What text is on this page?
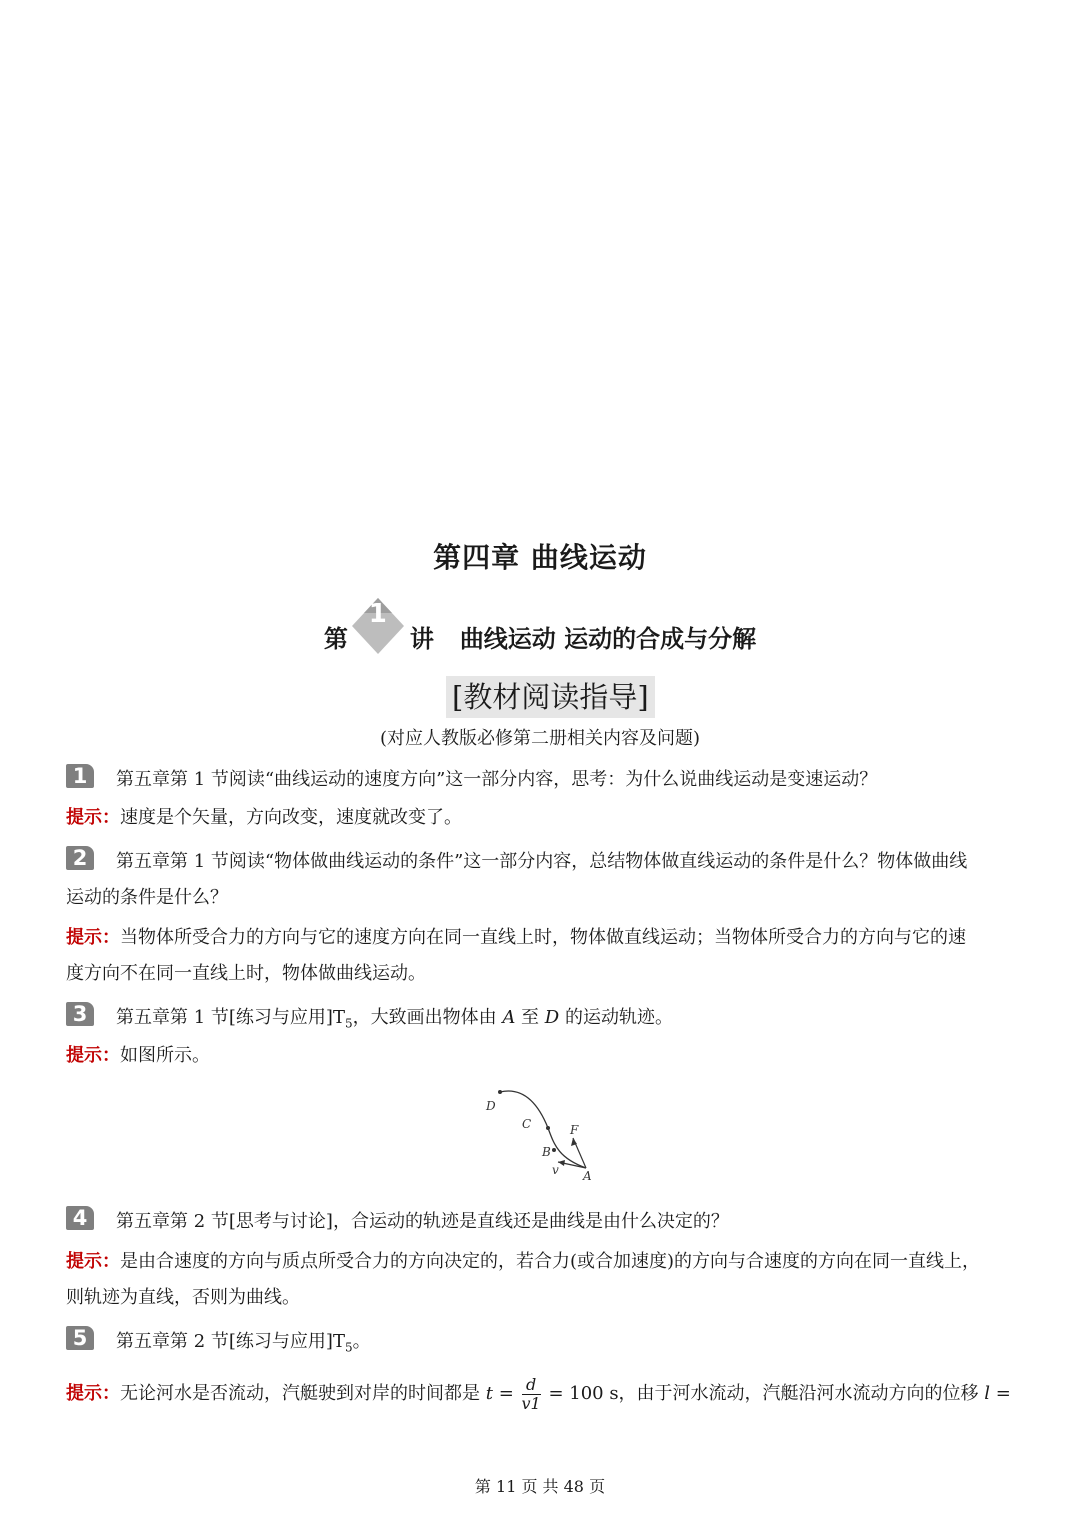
第四章 曲线运动
第
1
讲 曲线运动 运动的合成与分解
[教材阅读指导]
(对应人教版必修第二册相关内容及问题)
1	第五章第 1 节阅读“曲线运动的速度方向”这一部分内容，思考：为什么说曲线运动是变速运动？
提示：速度是个矢量，方向改变，速度就改变了。
2	第五章第 1 节阅读“物体做曲线运动的条件”这一部分内容，总结物体做直线运动的条件是什么？物体做曲线
运动的条件是什么？
提示：当物体所受合力的方向与它的速度方向在同一直线上时，物体做直线运动；当物体所受合力的方向与它的速
度方向不在同一直线上时，物体做曲线运动。
3	第五章第 1 节[练习与应用]$T_5$，大致画出物体由 A 至 D 的运动轨迹。
提示：如图所示。
D
C
B
A
F
v
4	第五章第 2 节[思考与讨论]，合运动的轨迹是直线还是曲线是由什么决定的？
提示：是由合速度的方向与质点所受合力的方向决定的，若合力(或合加速度)的方向与合速度的方向在同一直线上，
则轨迹为直线，否则为曲线。
5	第五章第 2 节[练习与应用]$T_5$。
提示：无论河水是否流动，汽艇驶到对岸的时间都是 $t = \frac{d}{v1} = 100$ s，由于河水流动，汽艇沿河水流动方向的位移 l =
第 11 页 共 48 页
